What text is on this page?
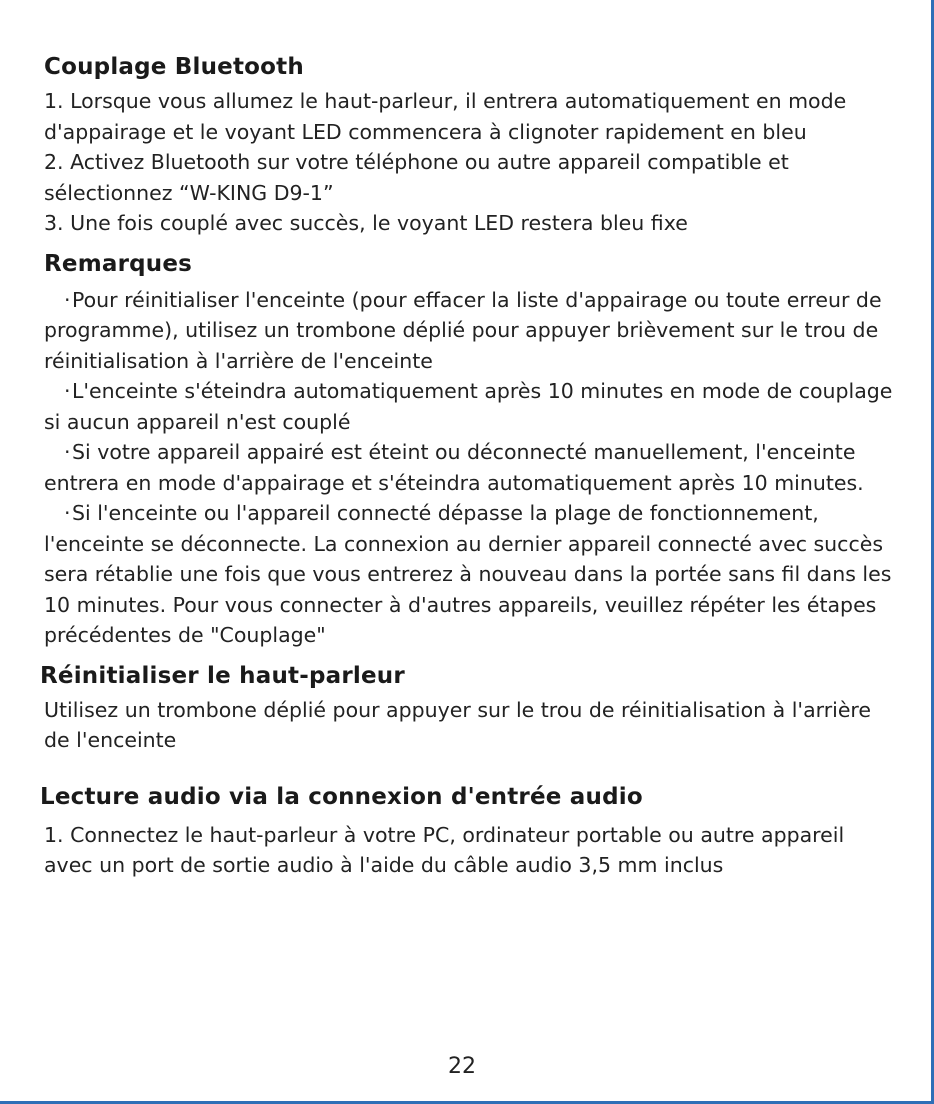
Couplage Bluetooth

1. Lorsque vous allumez le haut-parleur, il entrera automatiquement en mode d'appairage et le voyant LED commencera à clignoter rapidement en bleu

2. Activez Bluetooth sur votre téléphone ou autre appareil compatible et sélectionnez “W-KING D9-1”

3. Une fois couplé avec succès, le voyant LED restera bleu fixe

Remarques

·Pour réinitialiser l'enceinte (pour effacer la liste d'appairage ou toute erreur de programme), utilisez un trombone déplié pour appuyer brièvement sur le trou de réinitialisation à l'arrière de l'enceinte

·L'enceinte s'éteindra automatiquement après 10 minutes en mode de couplage si aucun appareil n'est couplé

·Si votre appareil appairé est éteint ou déconnecté manuellement, l'enceinte entrera en mode d'appairage et s'éteindra automatiquement après 10 minutes.

·Si l'enceinte ou l'appareil connecté dépasse la plage de fonctionnement, l'enceinte se déconnecte. La connexion au dernier appareil connecté avec succès sera rétablie une fois que vous entrerez à nouveau dans la portée sans fil dans les 10 minutes. Pour vous connecter à d'autres appareils, veuillez répéter les étapes précédentes de "Couplage"

Réinitialiser le haut-parleur

Utilisez un trombone déplié pour appuyer sur le trou de réinitialisation à l'arrière de l'enceinte

Lecture audio via la connexion d'entrée audio

1. Connectez le haut-parleur à votre PC, ordinateur portable ou autre appareil avec un port de sortie audio à l'aide du câble audio 3,5 mm inclus

22
